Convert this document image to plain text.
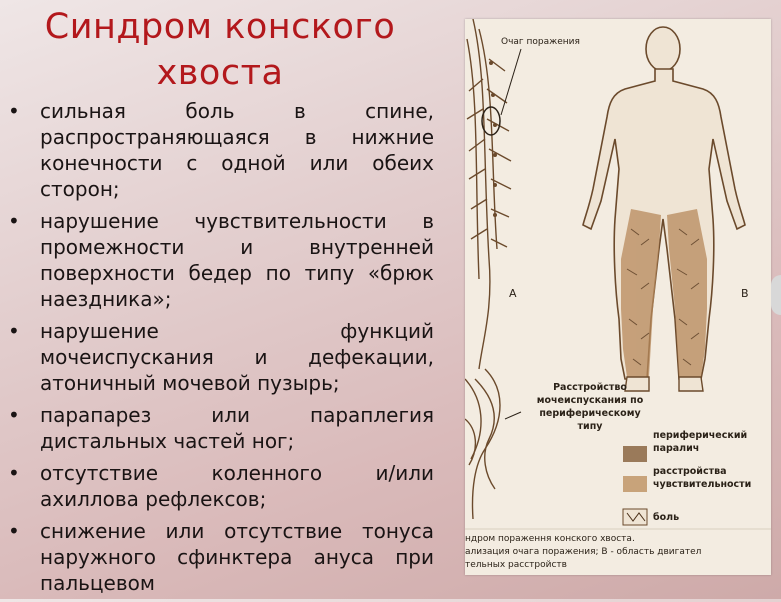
Синдром конского
хвоста
• сильная боль в спине, распространяющаяся в нижние конечности с одной или обеих сторон;
• нарушение чувствительности в промежности и внутренней поверхности бедер по типу «брюк наездника»;
• нарушение функций мочеиспускания и дефекации, атоничный мочевой пузырь;
• парапарез или параплегия дистальных частей ног;
• отсутствие коленного и/или ахиллова рефлексов;
• снижение или отсутствие тонуса наружного сфинктера ануса при пальцевом
Очаг поражения
A	B
Расстройство
мочеиспускания по
периферическому
типу
периферический
паралич
расстройства
чувствительности
боль
ндром пораження конского хвоста.
ализация очага поражения; В - область двигател
тельных расстройств
